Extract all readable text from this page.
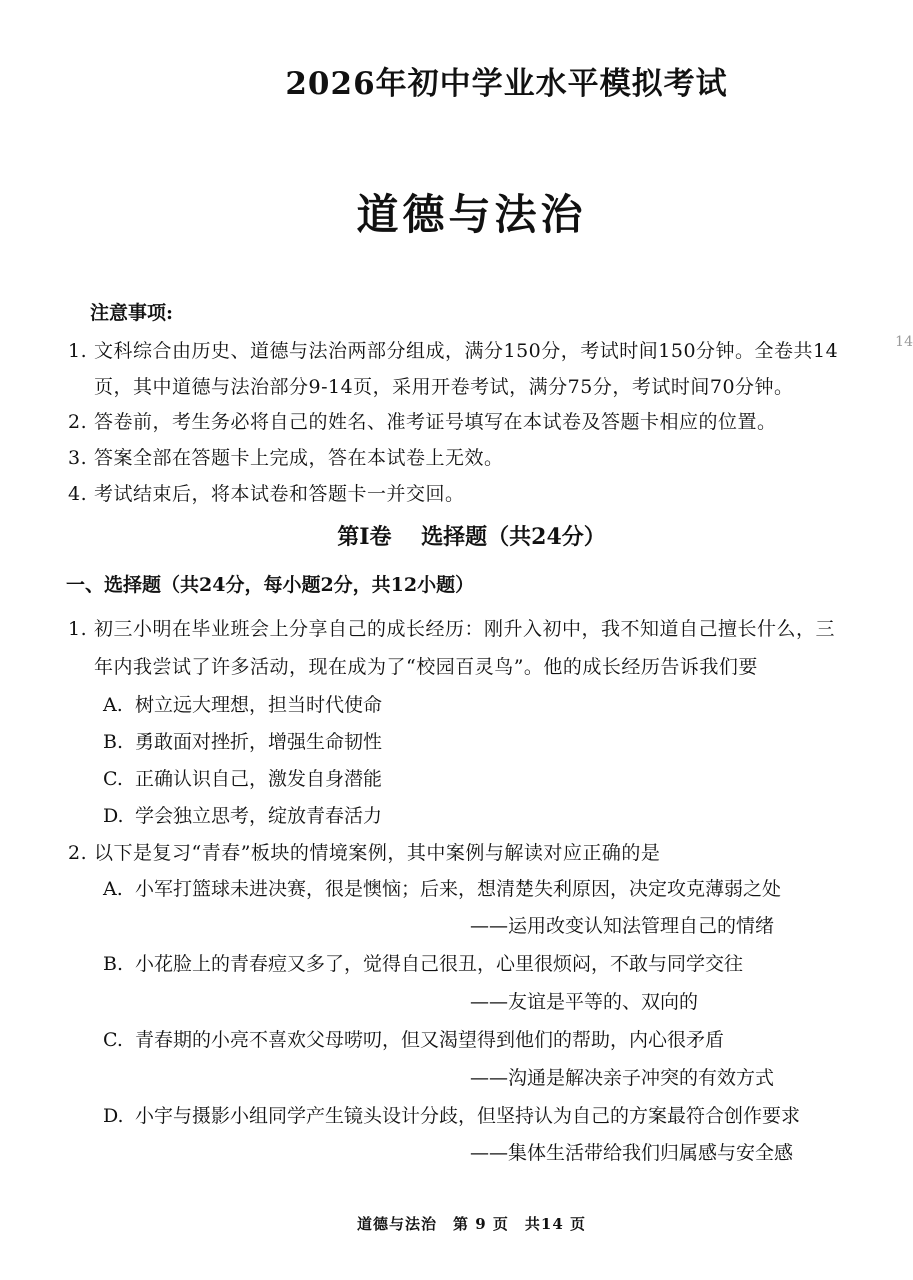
2026年初中学业水平模拟考试
道德与法治
14
注意事项:
1. 文科综合由历史、道德与法治两部分组成，满分150分，考试时间150分钟。全卷共14
页，其中道德与法治部分9-14页，采用开卷考试，满分75分，考试时间70分钟。
2. 答卷前，考生务必将自己的姓名、准考证号填写在本试卷及答题卡相应的位置。
3. 答案全部在答题卡上完成，答在本试卷上无效。
4. 考试结束后，将本试卷和答题卡一并交回。
第Ⅰ卷　 选择题（共24分）
一、选择题（共24分，每小题2分，共12小题）
1. 初三小明在毕业班会上分享自己的成长经历：刚升入初中，我不知道自己擅长什么，三
年内我尝试了许多活动，现在成为了“校园百灵鸟”。他的成长经历告诉我们要
A. 树立远大理想，担当时代使命
B. 勇敢面对挫折，增强生命韧性
C. 正确认识自己，激发自身潜能
D. 学会独立思考，绽放青春活力
2. 以下是复习“青春”板块的情境案例，其中案例与解读对应正确的是
A. 小军打篮球未进决赛，很是懊恼；后来，想清楚失利原因，决定攻克薄弱之处
——运用改变认知法管理自己的情绪
B. 小花脸上的青春痘又多了，觉得自己很丑，心里很烦闷，不敢与同学交往
——友谊是平等的、双向的
C. 青春期的小亮不喜欢父母唠叨，但又渴望得到他们的帮助，内心很矛盾
——沟通是解决亲子冲突的有效方式
D. 小宇与摄影小组同学产生镜头设计分歧，但坚持认为自己的方案最符合创作要求
——集体生活带给我们归属感与安全感
道德与法治　第 9 页　共14 页
